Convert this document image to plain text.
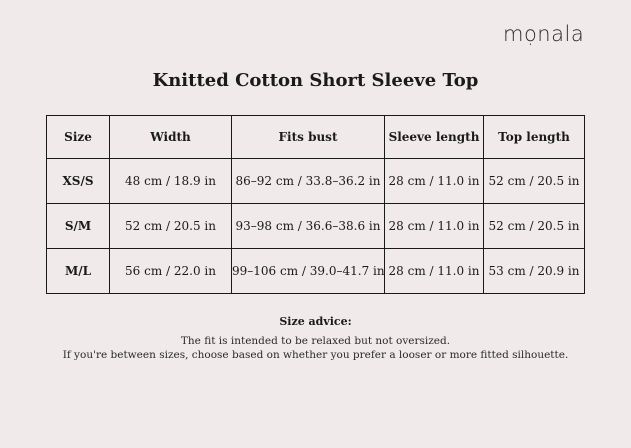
mọnala
Knitted Cotton Short Sleeve Top
Size	Width	Fits bust	Sleeve length	Top length
XS/S	48 cm / 18.9 in	86–92 cm / 33.8–36.2 in	28 cm / 11.0 in	52 cm / 20.5 in
S/M	52 cm / 20.5 in	93–98 cm / 36.6–38.6 in	28 cm / 11.0 in	52 cm / 20.5 in
M/L	56 cm / 22.0 in	99–106 cm / 39.0–41.7 in	28 cm / 11.0 in	53 cm / 20.9 in
Size advice:
The fit is intended to be relaxed but not oversized.
If you're between sizes, choose based on whether you prefer a looser or more fitted silhouette.
